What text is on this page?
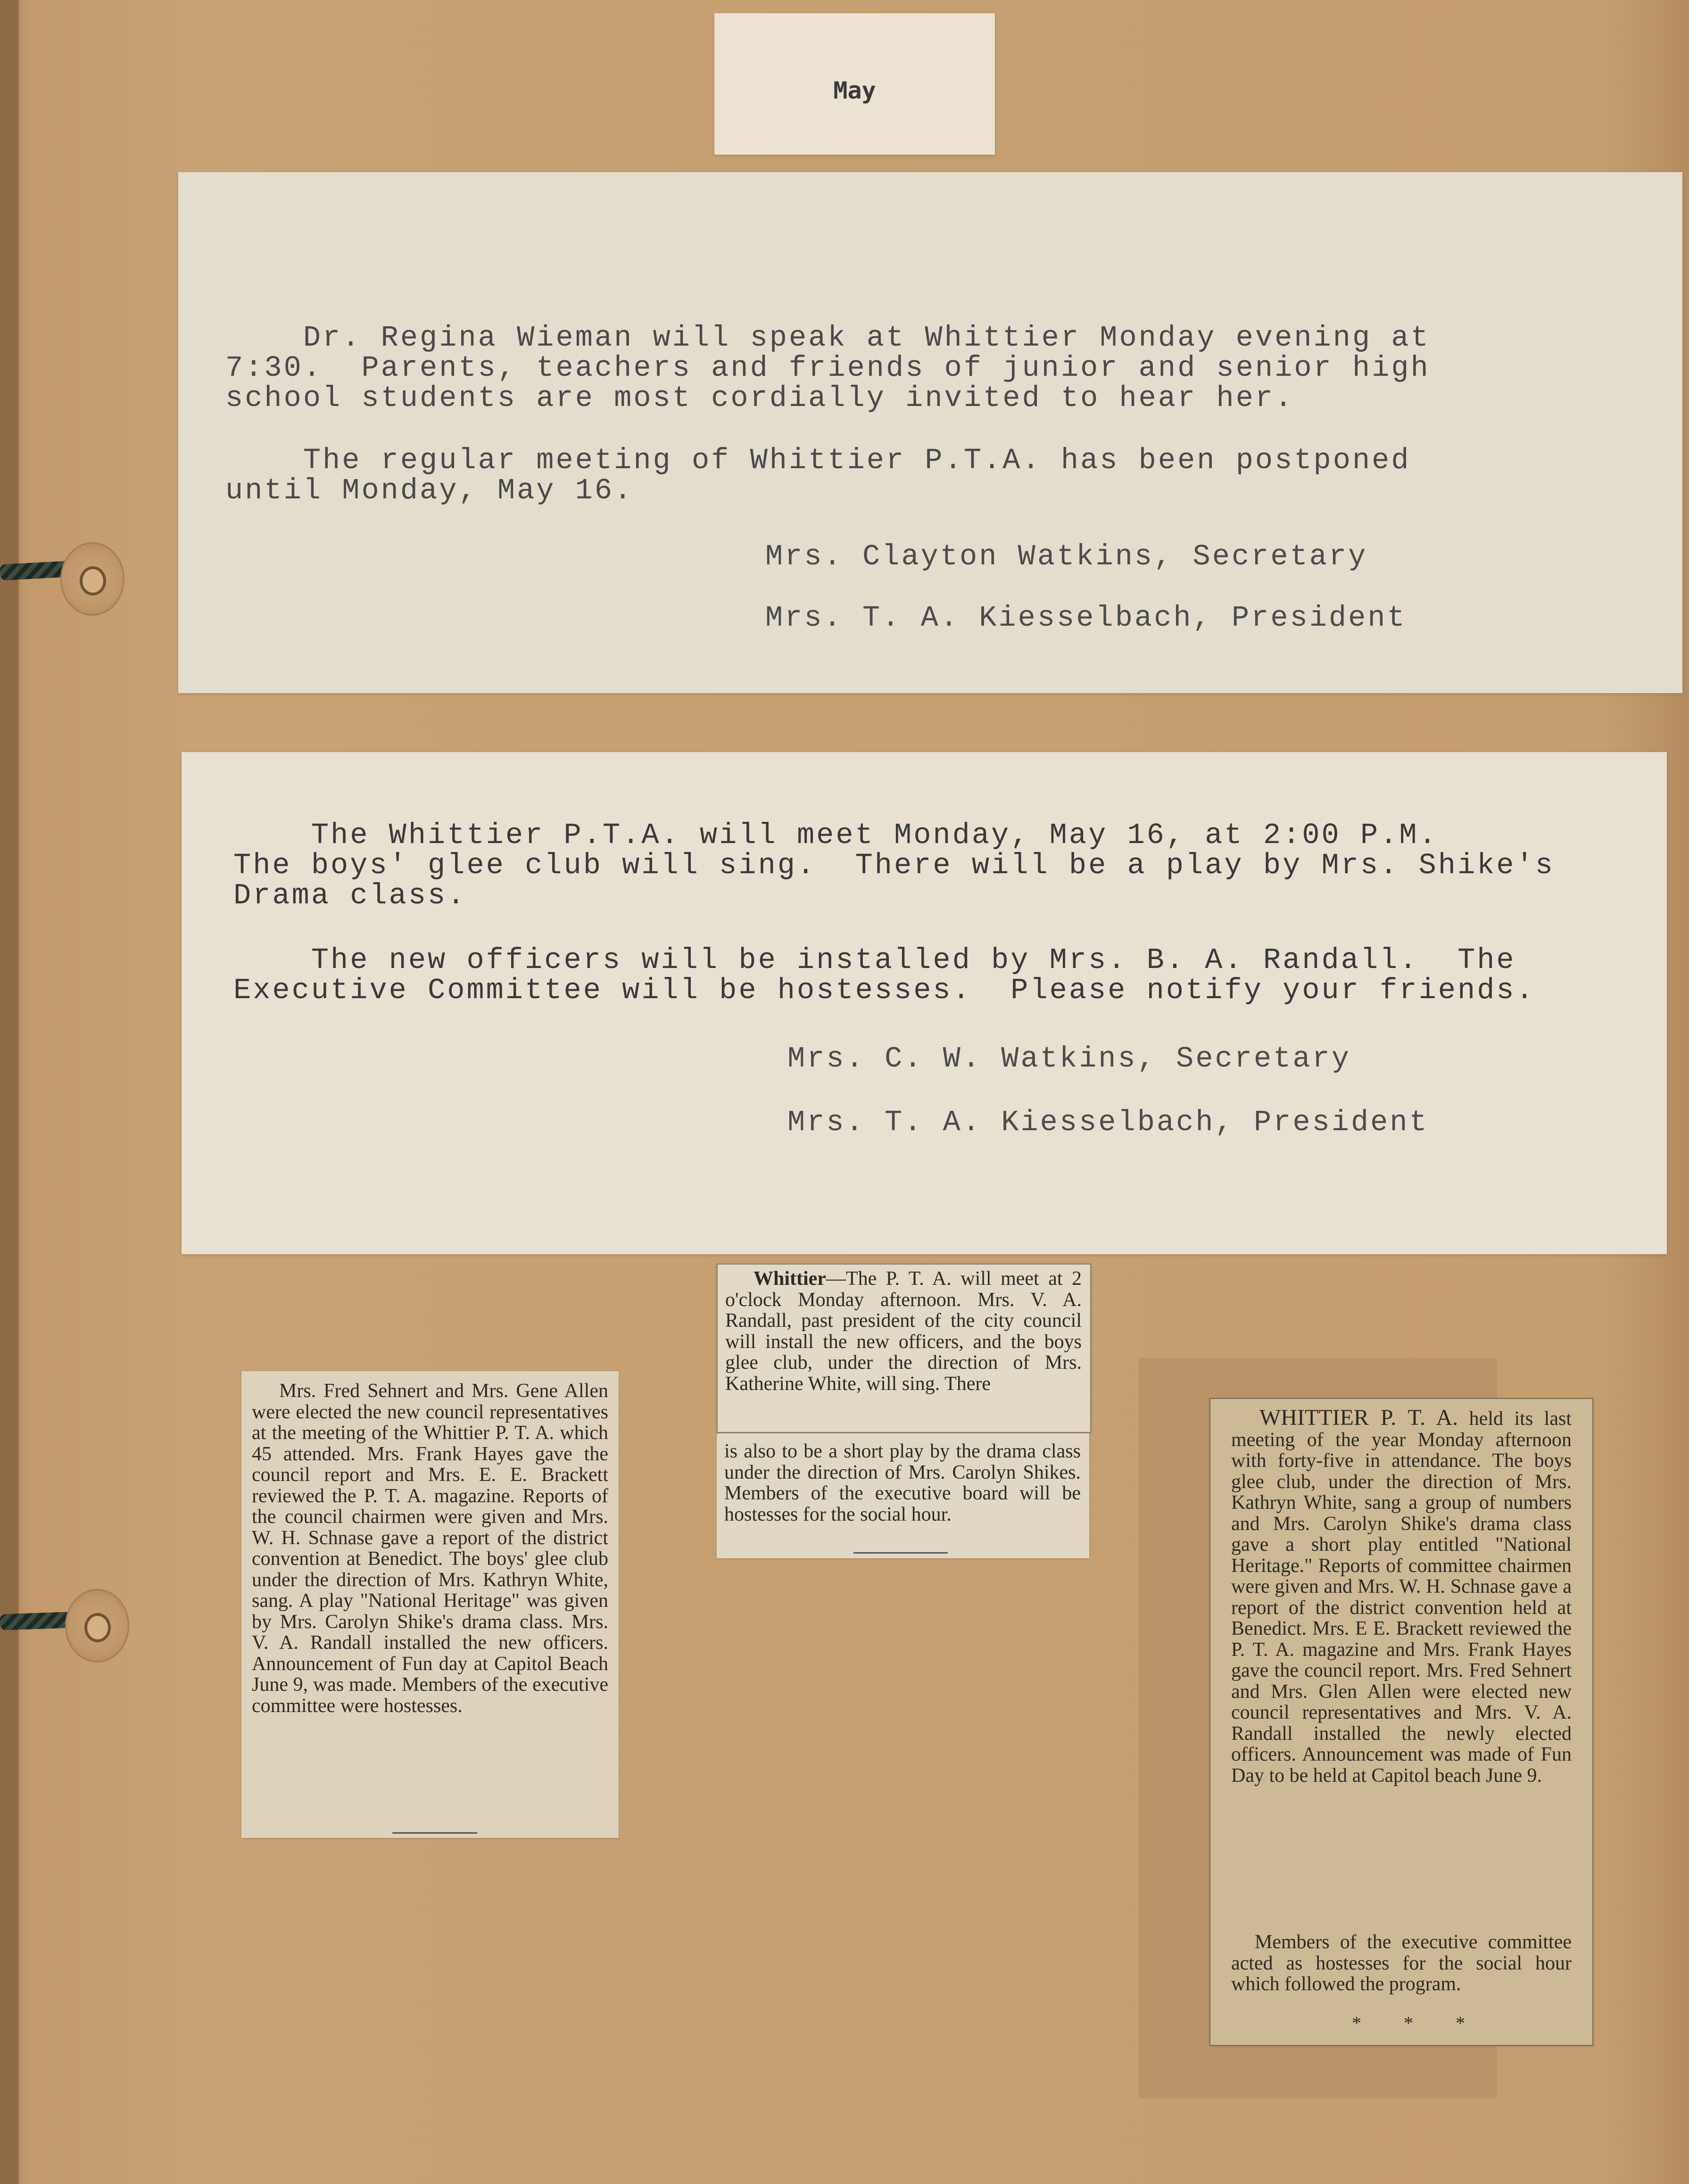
May
Dr. Regina Wieman will speak at Whittier Monday evening at
7:30.  Parents, teachers and friends of junior and senior high
school students are most cordially invited to hear her.
The regular meeting of Whittier P.T.A. has been postponed
until Monday, May 16.
Mrs. Clayton Watkins, Secretary
Mrs. T. A. Kiesselbach, President
The Whittier P.T.A. will meet Monday, May 16, at 2:00 P.M.
The boys' glee club will sing.  There will be a play by Mrs. Shike's
Drama class.
The new officers will be installed by Mrs. B. A. Randall.  The
Executive Committee will be hostesses.  Please notify your friends.
Mrs. C. W. Watkins, Secretary
Mrs. T. A. Kiesselbach, President
Mrs. Fred Sehnert and Mrs. Gene Allen were elected the new council representatives at the meeting of the Whittier P. T. A. which 45 attended. Mrs. Frank Hayes gave the council report and Mrs. E. E. Brackett reviewed the P. T. A. magazine. Reports of the council chairmen were given and Mrs. W. H. Schnase gave a report of the district convention at Benedict. The boys' glee club under the direction of Mrs. Kathryn White, sang. A play "National Heritage" was given by Mrs. Carolyn Shike's drama class. Mrs. V. A. Randall installed the new officers. Announcement of Fun day at Capitol Beach June 9, was made. Members of the executive committee were hostesses.
Whittier—The P. T. A. will meet at 2 o'clock Monday afternoon. Mrs. V. A. Randall, past president of the city council will install the new officers, and the boys glee club, under the direction of Mrs. Katherine White, will sing. There
is also to be a short play by the drama class under the direction of Mrs. Carolyn Shikes. Members of the executive board will be hostesses for the social hour.
WHITTIER P. T. A. held its last meeting of the year Monday afternoon with forty-five in attendance. The boys glee club, under the direction of Mrs. Kathryn White, sang a group of numbers and Mrs. Carolyn Shike's drama class gave a short play entitled "National Heritage." Reports of committee chairmen were given and Mrs. W. H. Schnase gave a report of the district convention held at Benedict. Mrs. E E. Brackett reviewed the P. T. A. magazine and Mrs. Frank Hayes gave the council report. Mrs. Fred Sehnert and Mrs. Glen Allen were elected new council representatives and Mrs. V. A. Randall installed the newly elected officers. Announcement was made of Fun Day to be held at Capitol beach June 9.
Members of the executive committee acted as hostesses for the social hour which followed the program.
* * *
